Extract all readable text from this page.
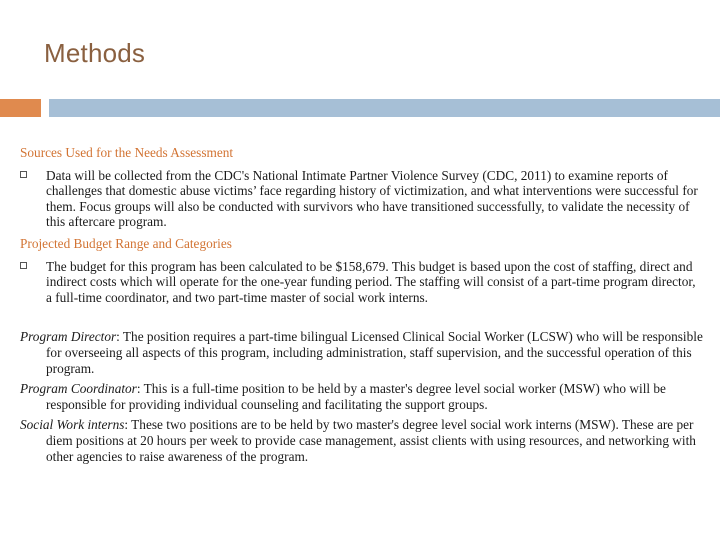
Methods
Sources Used for the Needs Assessment
Data will be collected from the CDC's National Intimate Partner Violence Survey (CDC, 2011) to examine reports of challenges that domestic abuse victims’ face regarding history of victimization, and what interventions were successful for them. Focus groups will also be conducted with survivors who have transitioned successfully, to validate the necessity of this aftercare program.
Projected Budget Range and Categories
The budget for this program has been calculated to be $158,679. This budget is based upon the cost of staffing, direct and indirect costs which will operate for the one-year funding period. The staffing will consist of a part-time program director, a full-time coordinator, and two part-time master of social work interns.
Program Director: The position requires a part-time bilingual Licensed Clinical Social Worker (LCSW) who will be responsible for overseeing all aspects of this program, including administration, staff supervision, and the successful operation of this program.
Program Coordinator: This is a full-time position to be held by a master's degree level social worker (MSW) who will be responsible for providing individual counseling and facilitating the support groups.
Social Work interns: These two positions are to be held by two master's degree level social work interns (MSW). These are per diem positions at 20 hours per week to provide case management, assist clients with using resources, and networking with other agencies to raise awareness of the program.
